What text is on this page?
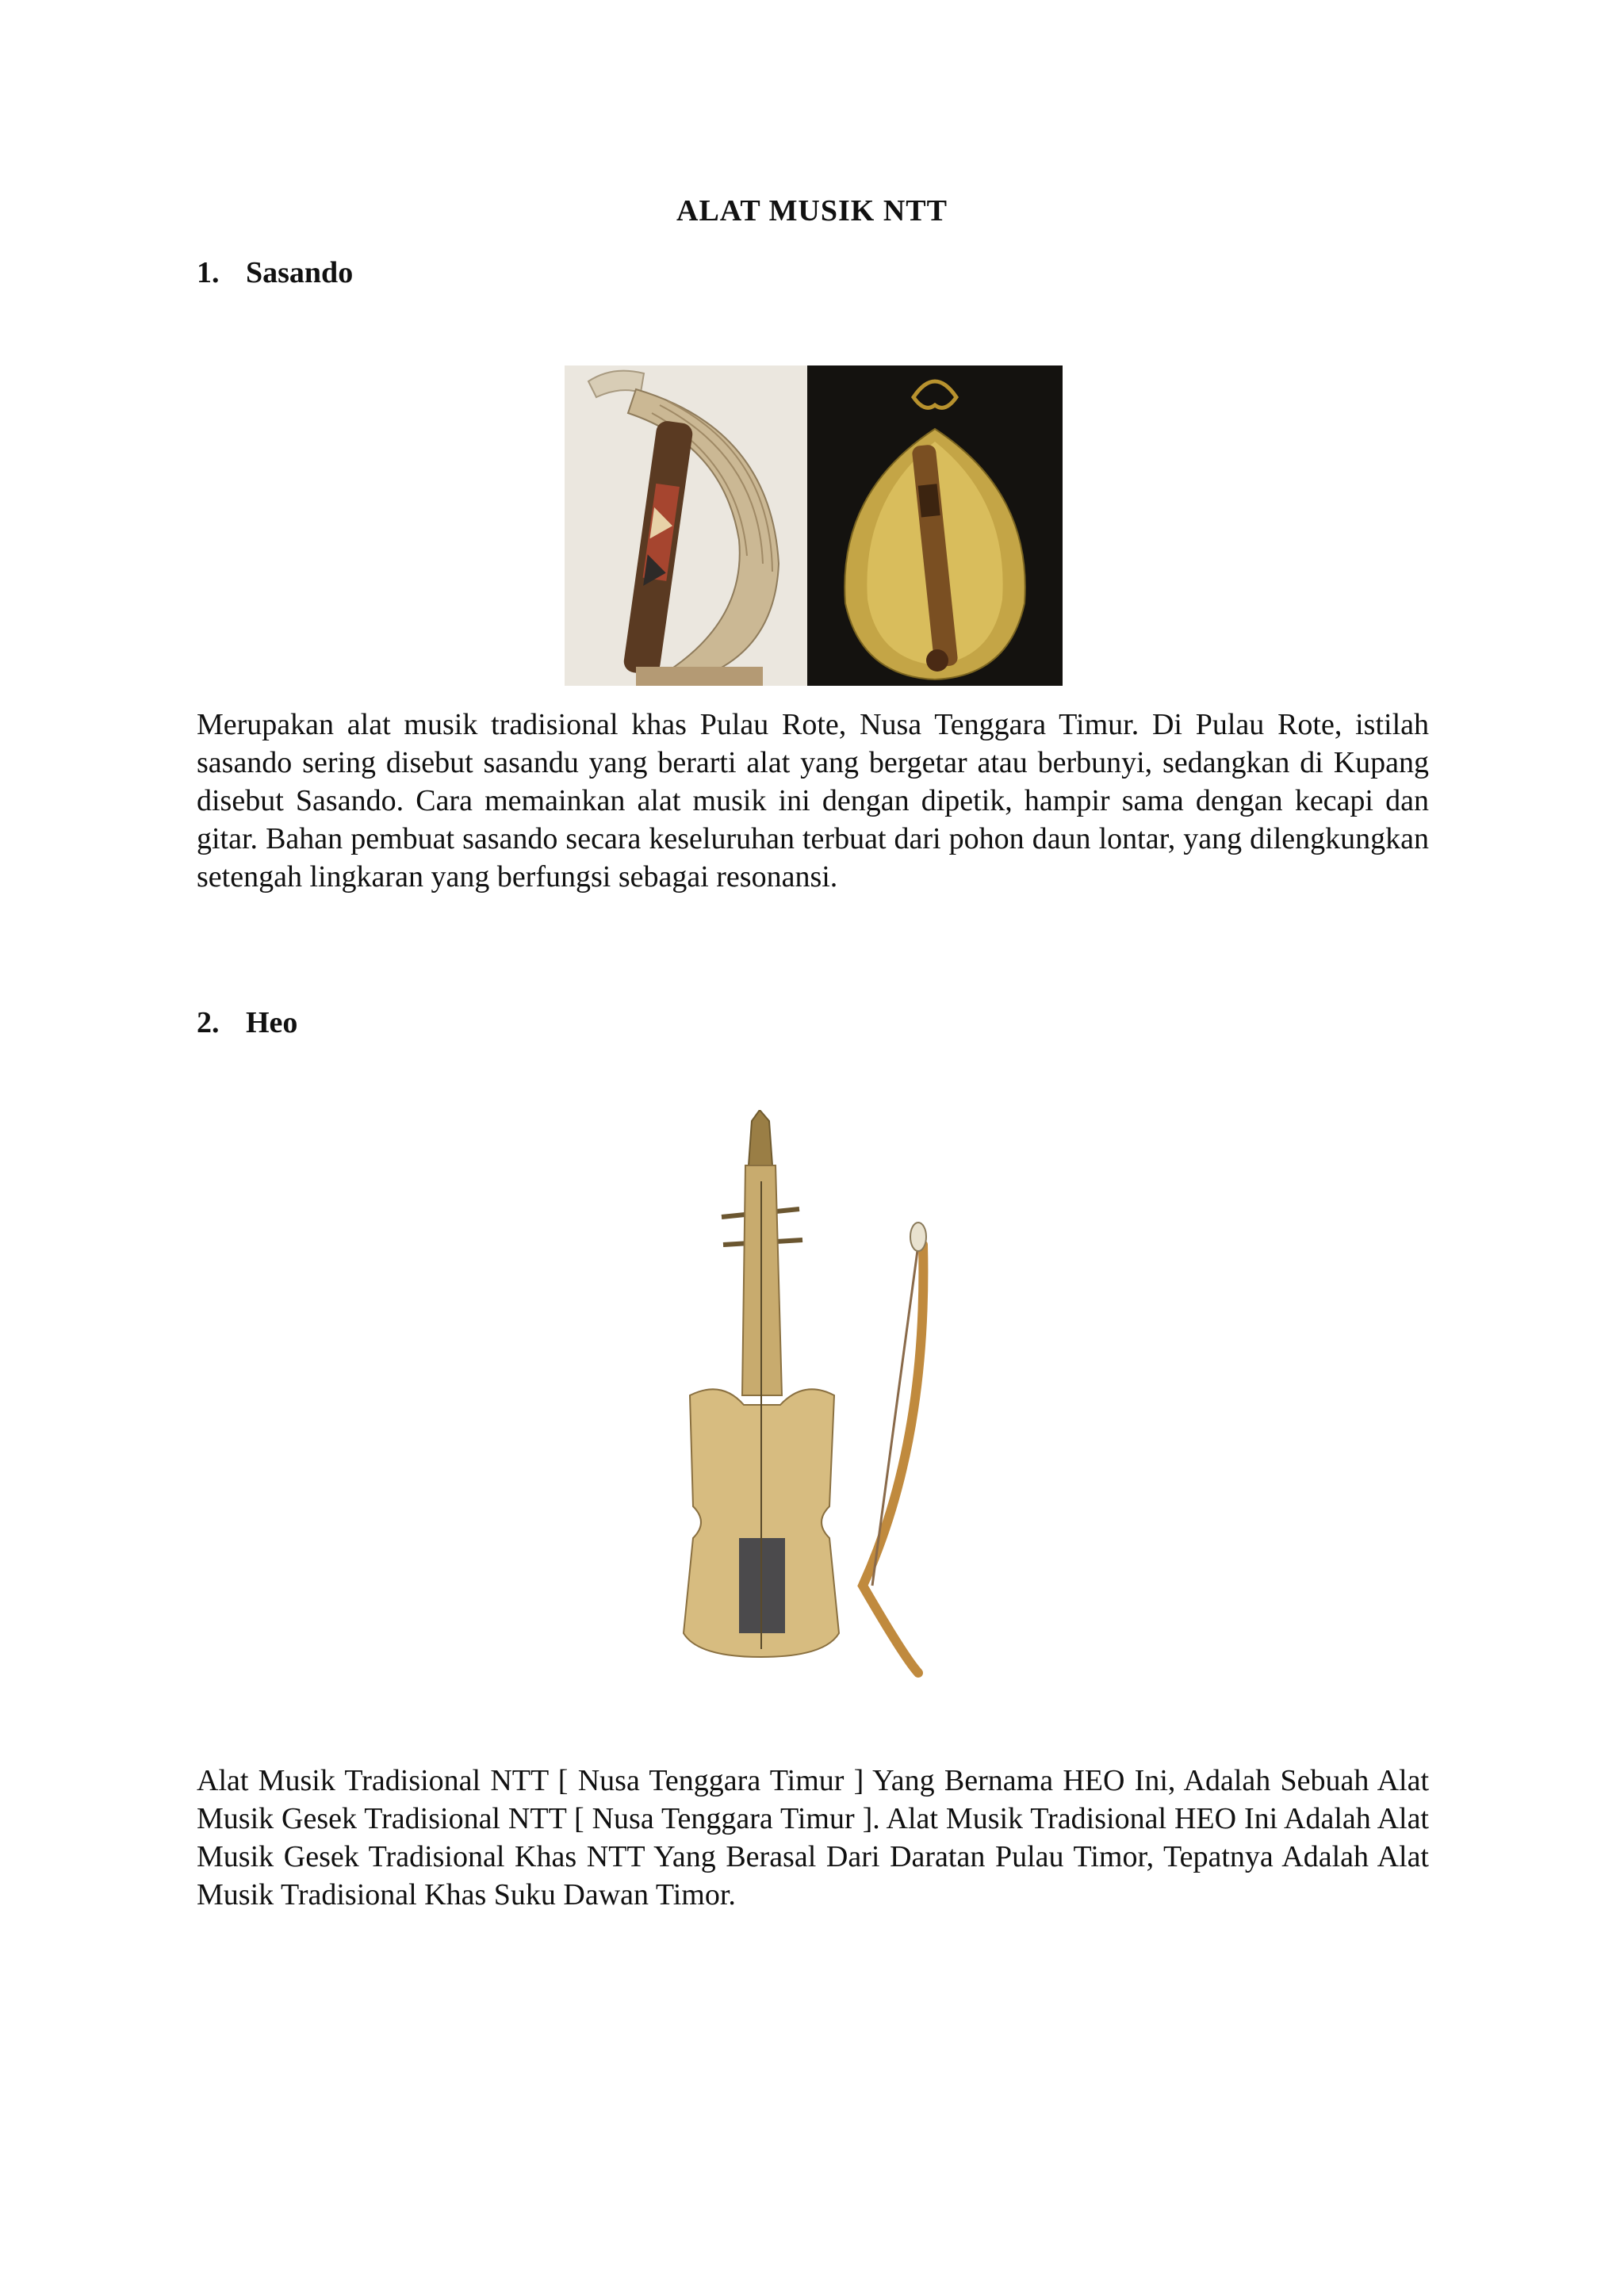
ALAT MUSIK NTT
1. Sasando
Merupakan alat musik tradisional khas Pulau Rote, Nusa Tenggara Timur. Di Pulau Rote, istilah sasando sering disebut sasandu yang berarti alat yang bergetar atau berbunyi, sedangkan di Kupang disebut Sasando. Cara memainkan alat musik ini dengan dipetik, hampir sama dengan kecapi dan gitar. Bahan pembuat sasando secara keseluruhan terbuat dari pohon daun lontar, yang dilengkungkan setengah lingkaran yang berfungsi sebagai resonansi.
2. Heo
Alat Musik Tradisional NTT [ Nusa Tenggara Timur ] Yang Bernama HEO Ini, Adalah Sebuah Alat Musik Gesek Tradisional NTT [ Nusa Tenggara Timur ]. Alat Musik Tradisional HEO Ini Adalah Alat Musik Gesek Tradisional Khas NTT Yang Berasal Dari Daratan Pulau Timor, Tepatnya Adalah Alat Musik Tradisional Khas Suku Dawan Timor.
